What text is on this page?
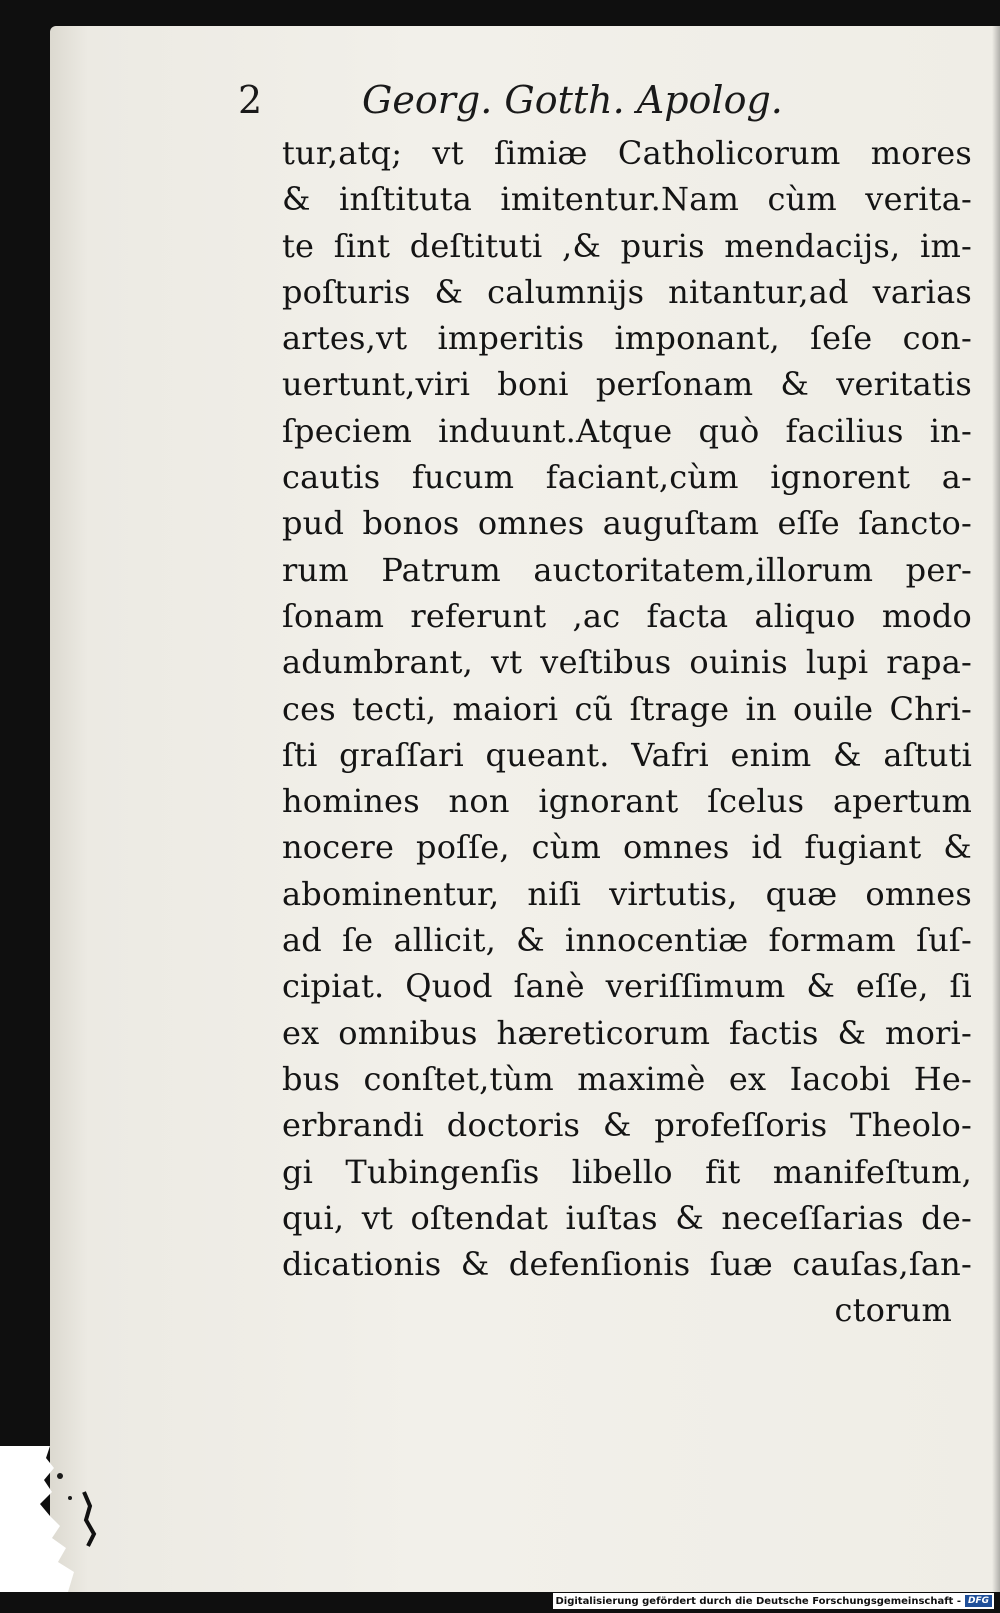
2	Georg. Gotth. Apolog.
tur,atq; vt ſimiæ Catholicorum mores
& inſtituta imitentur.Nam cùm verita-
te ſint deſtituti ,& puris mendacijs, im-
poſturis & calumnijs nitantur,ad varias
artes,vt imperitis imponant, ſeſe con-
uertunt,viri boni perſonam & veritatis
ſpeciem induunt.Atque quò facilius in-
cautis fucum faciant,cùm ignorent a-
pud bonos omnes auguſtam eſſe ſancto-
rum Patrum auctoritatem,illorum per-
ſonam referunt ,ac facta aliquo modo
adumbrant, vt veſtibus ouinis lupi rapa-
ces tecti, maiori cũ ſtrage in ouile Chri-
ſti graſſari queant. Vafri enim & aſtuti
homines non ignorant ſcelus apertum
nocere poſſe, cùm omnes id fugiant &
abominentur, niſi virtutis, quæ omnes
ad ſe allicit, & innocentiæ formam ſuſ-
cipiat. Quod ſanè veriſſimum & eſſe, ſi
ex omnibus hæreticorum factis & mori-
bus conſtet,tùm maximè ex Iacobi He-
erbrandi doctoris & profeſſoris Theolo-
gi Tubingenſis libello fit manifeſtum,
qui, vt oſtendat iuſtas & neceſſarias de-
dicationis & defenſionis ſuæ cauſas,ſan-
ctorum
Digitalisierung gefördert durch die Deutsche Forschungsgemeinschaft - DFG
